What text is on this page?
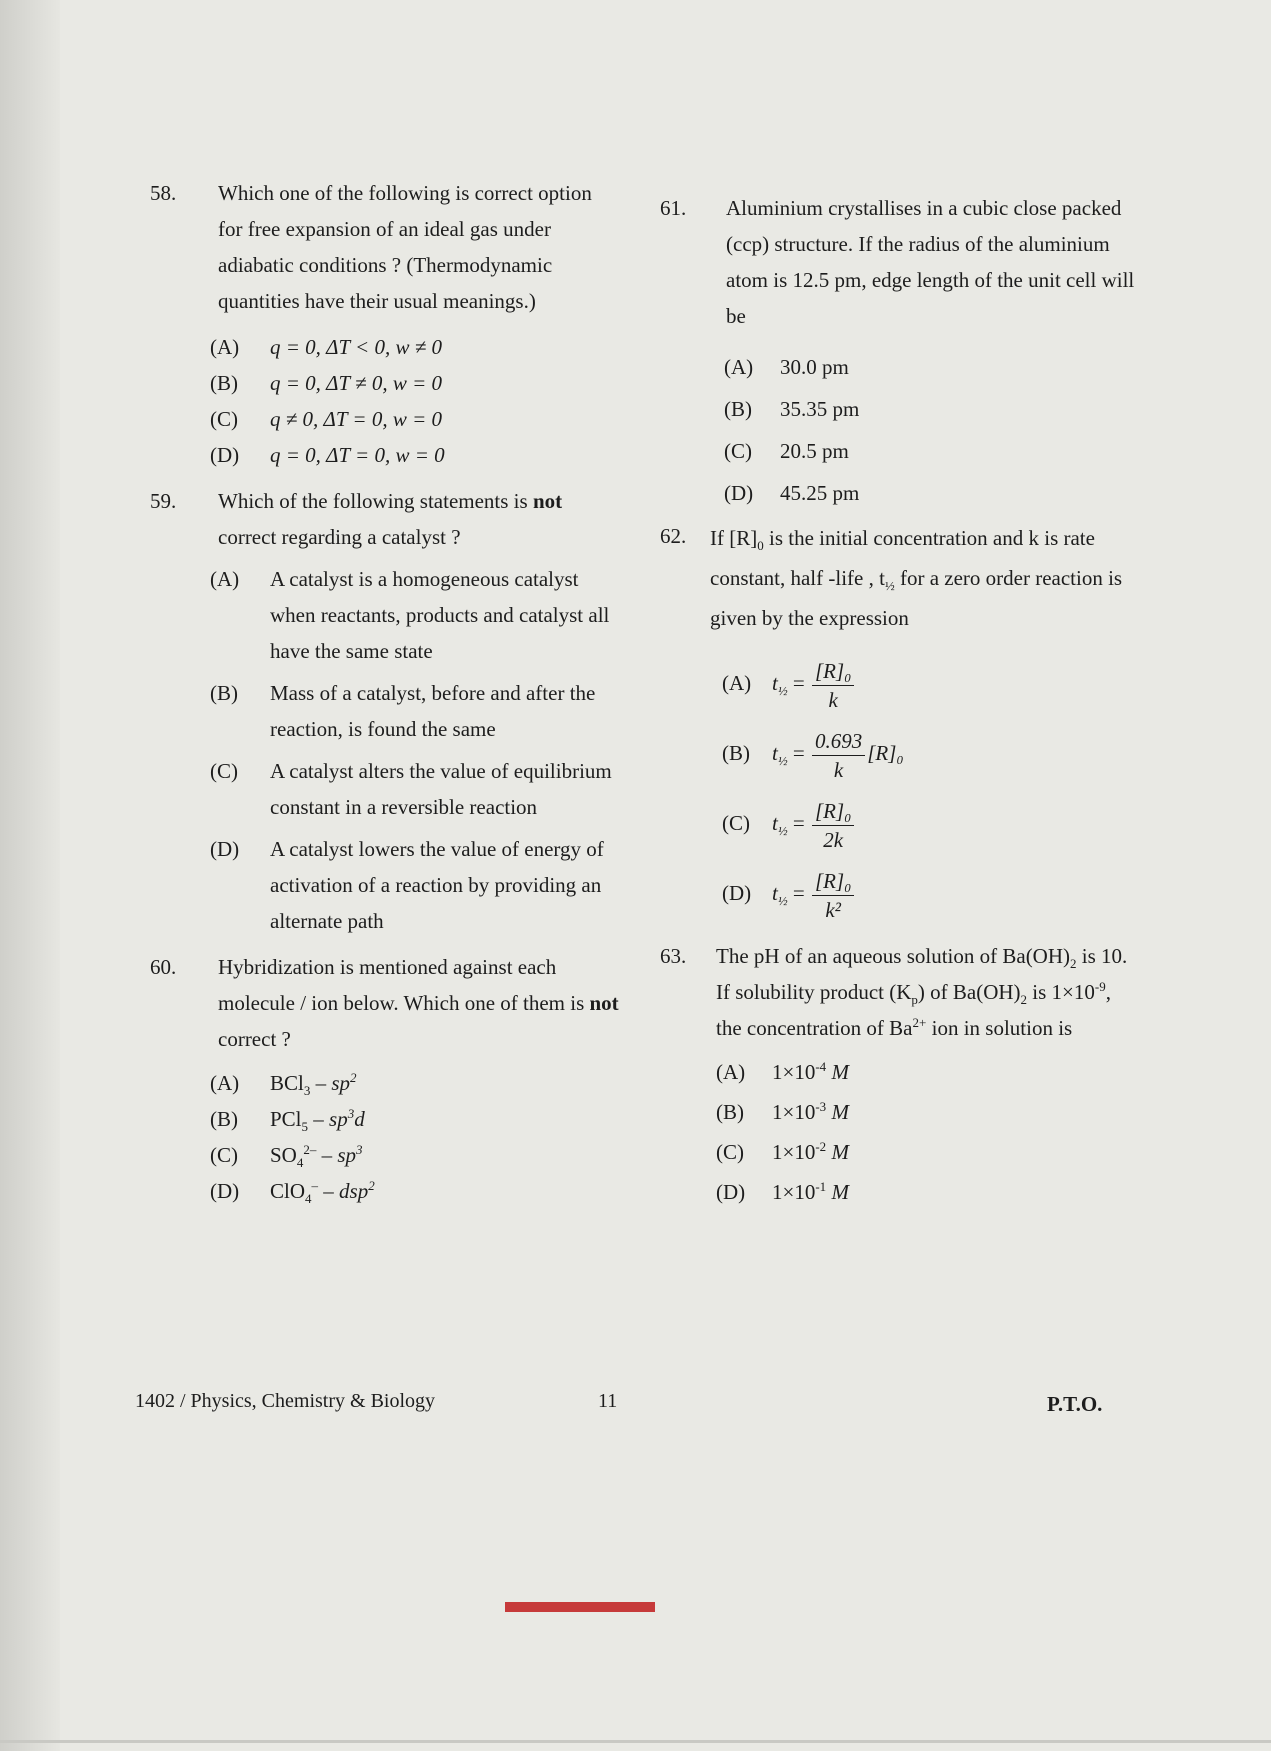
58. Which one of the following is correct option for free expansion of an ideal gas under adiabatic conditions ? (Thermodynamic quantities have their usual meanings.)
(A) q = 0, ΔT < 0, w ≠ 0
(B) q = 0, ΔT ≠ 0, w = 0
(C) q ≠ 0, ΔT = 0, w = 0
(D) q = 0, ΔT = 0, w = 0
59. Which of the following statements is not correct regarding a catalyst ?
(A) A catalyst is a homogeneous catalyst when reactants, products and catalyst all have the same state
(B) Mass of a catalyst, before and after the reaction, is found the same
(C) A catalyst alters the value of equilibrium constant in a reversible reaction
(D) A catalyst lowers the value of energy of activation of a reaction by providing an alternate path
60. Hybridization is mentioned against each molecule / ion below. Which one of them is not correct ?
(A) $BCl_3 - sp^2$
(B) $PCl_5 - sp^3d$
(C) $SO_4^{2-} - sp^3$
(D) ClO$_4$– – dsp$^2$
61. Aluminium crystallises in a cubic close packed (ccp) structure. If the radius of the aluminium atom is 12.5 pm, edge length of the unit cell will be
(A) 30.0 pm
(B) 35.35 pm
(C) 20.5 pm
(D) 45.25 pm
62. If $[R]_0$ is the initial concentration and k is rate constant, half -life , $t_{\frac{1}{2}}$ for a zero order reaction is given by the expression
(A) $t_{\frac{1}{2}} = \frac{\text{[R]₀}}{k}$
(B) $t_{\frac{1}{2}} = \frac{0.693}{k} [R]_0$
(C) $t_{\frac{1}{2}} = \frac{\text{[R]₀}}{2k}$
(D) $t_{\frac{1}{2}} = \frac{\text{[R]₀}}{\text{k²}}$
63. The pH of an aqueous solution of $Ba(OH)_2$ is 10. If solubility product $(K_p)$ of $Ba(OH)_2$ is $1\times 10^{-9}$, the concentration of $Ba^{2+}$ ion in solution is
(A) $1\times 10^{-4}$ M
(B) $1\times 10^{-3}$ M
(C) $1\times 10^{-2}$ M
(D) $1\times 10^{-1}$ M
1402 / Physics, Chemistry & Biology	11	P.T.O.
